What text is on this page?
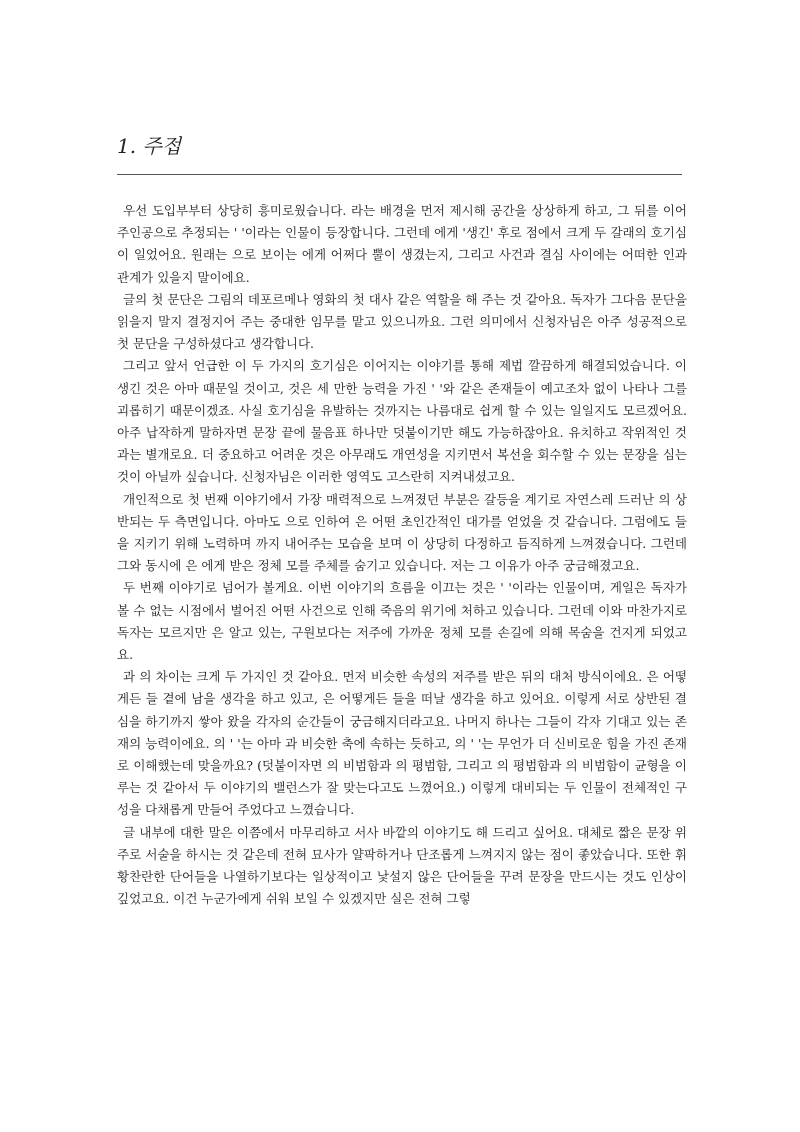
1. 주접

우선 도입부부터 상당히 흥미로웠습니다. 라는 배경을 먼저 제시해 공간을 상상하게 하고, 그 뒤를 이어 주인공으로 추정되는 ' '이라는 인물이 등장합니다. 그런데 에게 '생긴' 후로 점에서 크게 두 갈래의 호기심이 일었어요. 원래는 으로 보이는 에게 어쩌다 뿔이 생겼는지, 그리고 사건과 결심 사이에는 어떠한 인과관계가 있을지 말이에요.

글의 첫 문단은 그림의 데포르메나 영화의 첫 대사 같은 역할을 해 주는 것 같아요. 독자가 그다음 문단을 읽을지 말지 결정지어 주는 중대한 임무를 맡고 있으니까요. 그런 의미에서 신청자님은 아주 성공적으로 첫 문단을 구성하셨다고 생각합니다.

그리고 앞서 언급한 이 두 가지의 호기심은 이어지는 이야기를 통해 제법 깔끔하게 해결되었습니다. 이 생긴 것은 아마 때문일 것이고, 것은 세 만한 능력을 가진 ' '와 같은 존재들이 예고조차 없이 나타나 그를 괴롭히기 때문이겠죠. 사실 호기심을 유발하는 것까지는 나름대로 쉽게 할 수 있는 일일지도 모르겠어요. 아주 납작하게 말하자면 문장 끝에 물음표 하나만 덧붙이기만 해도 가능하잖아요. 유치하고 작위적인 것과는 별개로요. 더 중요하고 어려운 것은 아무래도 개연성을 지키면서 복선을 회수할 수 있는 문장을 심는 것이 아닐까 싶습니다. 신청자님은 이러한 영역도 고스란히 지켜내셨고요.

개인적으로 첫 번째 이야기에서 가장 매력적으로 느껴졌던 부분은 갈등을 계기로 자연스레 드러난 의 상반되는 두 측면입니다. 아마도 으로 인하여 은 어떤 초인간적인 대가를 얻었을 것 같습니다. 그럼에도 들을 지키기 위해 노력하며 까지 내어주는 모습을 보며 이 상당히 다정하고 듬직하게 느껴졌습니다. 그런데 그와 동시에 은 에게 받은 정체 모를 주체를 숨기고 있습니다. 저는 그 이유가 아주 궁금해졌고요.

두 번째 이야기로 넘어가 볼게요. 이번 이야기의 흐름을 이끄는 것은 ' '이라는 인물이며, 게일은 독자가 볼 수 없는 시점에서 벌어진 어떤 사건으로 인해 죽음의 위기에 처하고 있습니다. 그런데 이와 마찬가지로 독자는 모르지만 은 알고 있는, 구원보다는 저주에 가까운 정체 모를 손길에 의해 목숨을 건지게 되었고요.

과 의 차이는 크게 두 가지인 것 같아요. 먼저 비슷한 속성의 저주를 받은 뒤의 대처 방식이에요. 은 어떻게든 들 곁에 남을 생각을 하고 있고, 은 어떻게든 들을 떠날 생각을 하고 있어요. 이렇게 서로 상반된 결심을 하기까지 쌓아 왔을 각자의 순간들이 궁금해지더라고요. 나머지 하나는 그들이 각자 기대고 있는 존재의 능력이에요. 의 ' '는 아마 과 비슷한 축에 속하는 듯하고, 의 ' '는 무언가 더 신비로운 힘을 가진 존재로 이해했는데 맞을까요? (덧붙이자면 의 비범함과 의 평범함, 그리고 의 평범함과 의 비범함이 균형을 이루는 것 같아서 두 이야기의 밸런스가 잘 맞는다고도 느꼈어요.) 이렇게 대비되는 두 인물이 전체적인 구성을 다채롭게 만들어 주었다고 느꼈습니다.

글 내부에 대한 말은 이쯤에서 마무리하고 서사 바깥의 이야기도 해 드리고 싶어요. 대체로 짧은 문장 위주로 서술을 하시는 것 같은데 전혀 묘사가 얄팍하거나 단조롭게 느껴지지 않는 점이 좋았습니다. 또한 휘황찬란한 단어들을 나열하기보다는 일상적이고 낯설지 않은 단어들을 꾸려 문장을 만드시는 것도 인상이 깊었고요. 이건 누군가에게 쉬워 보일 수 있겠지만 실은 전혀 그렇
